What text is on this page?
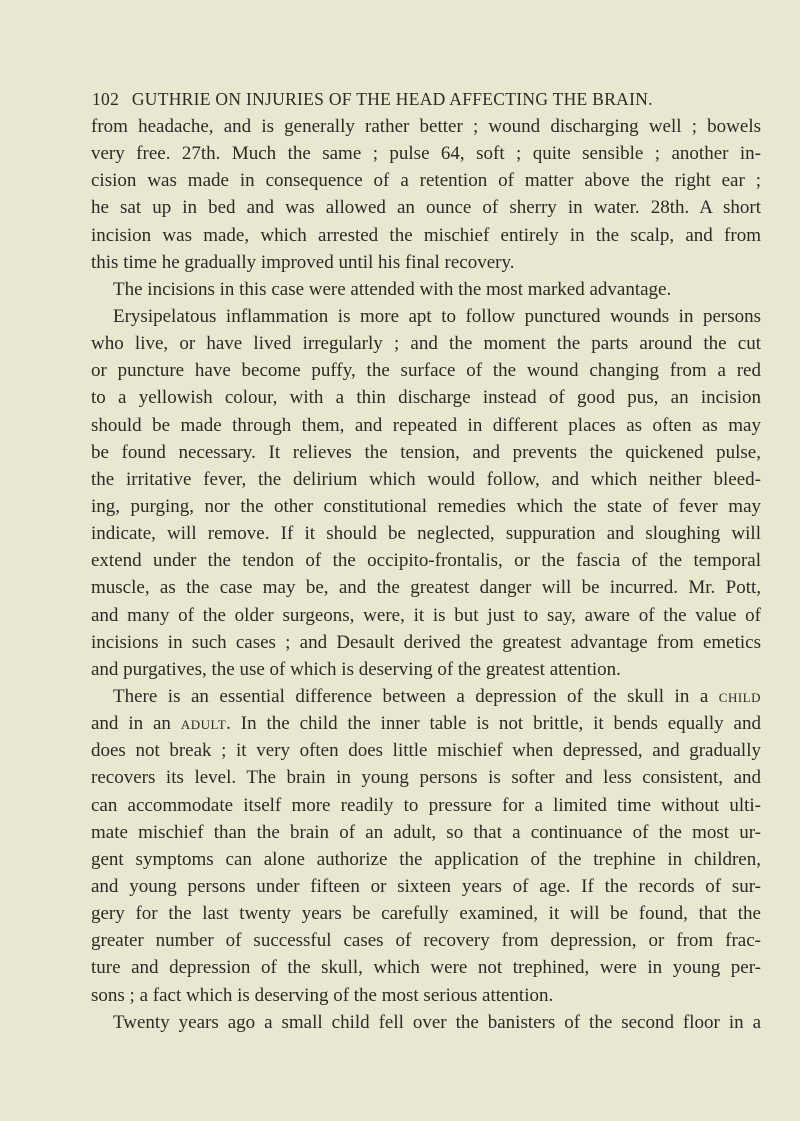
102 GUTHRIE ON INJURIES OF THE HEAD AFFECTING THE BRAIN.
from headache, and is generally rather better ; wound discharging well ; bowels
very free. 27th. Much the same ; pulse 64, soft ; quite sensible ; another in-
cision was made in consequence of a retention of matter above the right ear ;
he sat up in bed and was allowed an ounce of sherry in water. 28th. A short
incision was made, which arrested the mischief entirely in the scalp, and from
this time he gradually improved until his final recovery.
The incisions in this case were attended with the most marked advantage.
Erysipelatous inflammation is more apt to follow punctured wounds in persons
who live, or have lived irregularly ; and the moment the parts around the cut
or puncture have become puffy, the surface of the wound changing from a red
to a yellowish colour, with a thin discharge instead of good pus, an incision
should be made through them, and repeated in different places as often as may
be found necessary. It relieves the tension, and prevents the quickened pulse,
the irritative fever, the delirium which would follow, and which neither bleed-
ing, purging, nor the other constitutional remedies which the state of fever may
indicate, will remove. If it should be neglected, suppuration and sloughing will
extend under the tendon of the occipito-frontalis, or the fascia of the temporal
muscle, as the case may be, and the greatest danger will be incurred. Mr. Pott,
and many of the older surgeons, were, it is but just to say, aware of the value of
incisions in such cases ; and Desault derived the greatest advantage from emetics
and purgatives, the use of which is deserving of the greatest attention.
There is an essential difference between a depression of the skull in a child
and in an adult. In the child the inner table is not brittle, it bends equally and
does not break ; it very often does little mischief when depressed, and gradually
recovers its level. The brain in young persons is softer and less consistent, and
can accommodate itself more readily to pressure for a limited time without ulti-
mate mischief than the brain of an adult, so that a continuance of the most ur-
gent symptoms can alone authorize the application of the trephine in children,
and young persons under fifteen or sixteen years of age. If the records of sur-
gery for the last twenty years be carefully examined, it will be found, that the
greater number of successful cases of recovery from depression, or from frac-
ture and depression of the skull, which were not trephined, were in young per-
sons ; a fact which is deserving of the most serious attention.
Twenty years ago a small child fell over the banisters of the second floor in a
